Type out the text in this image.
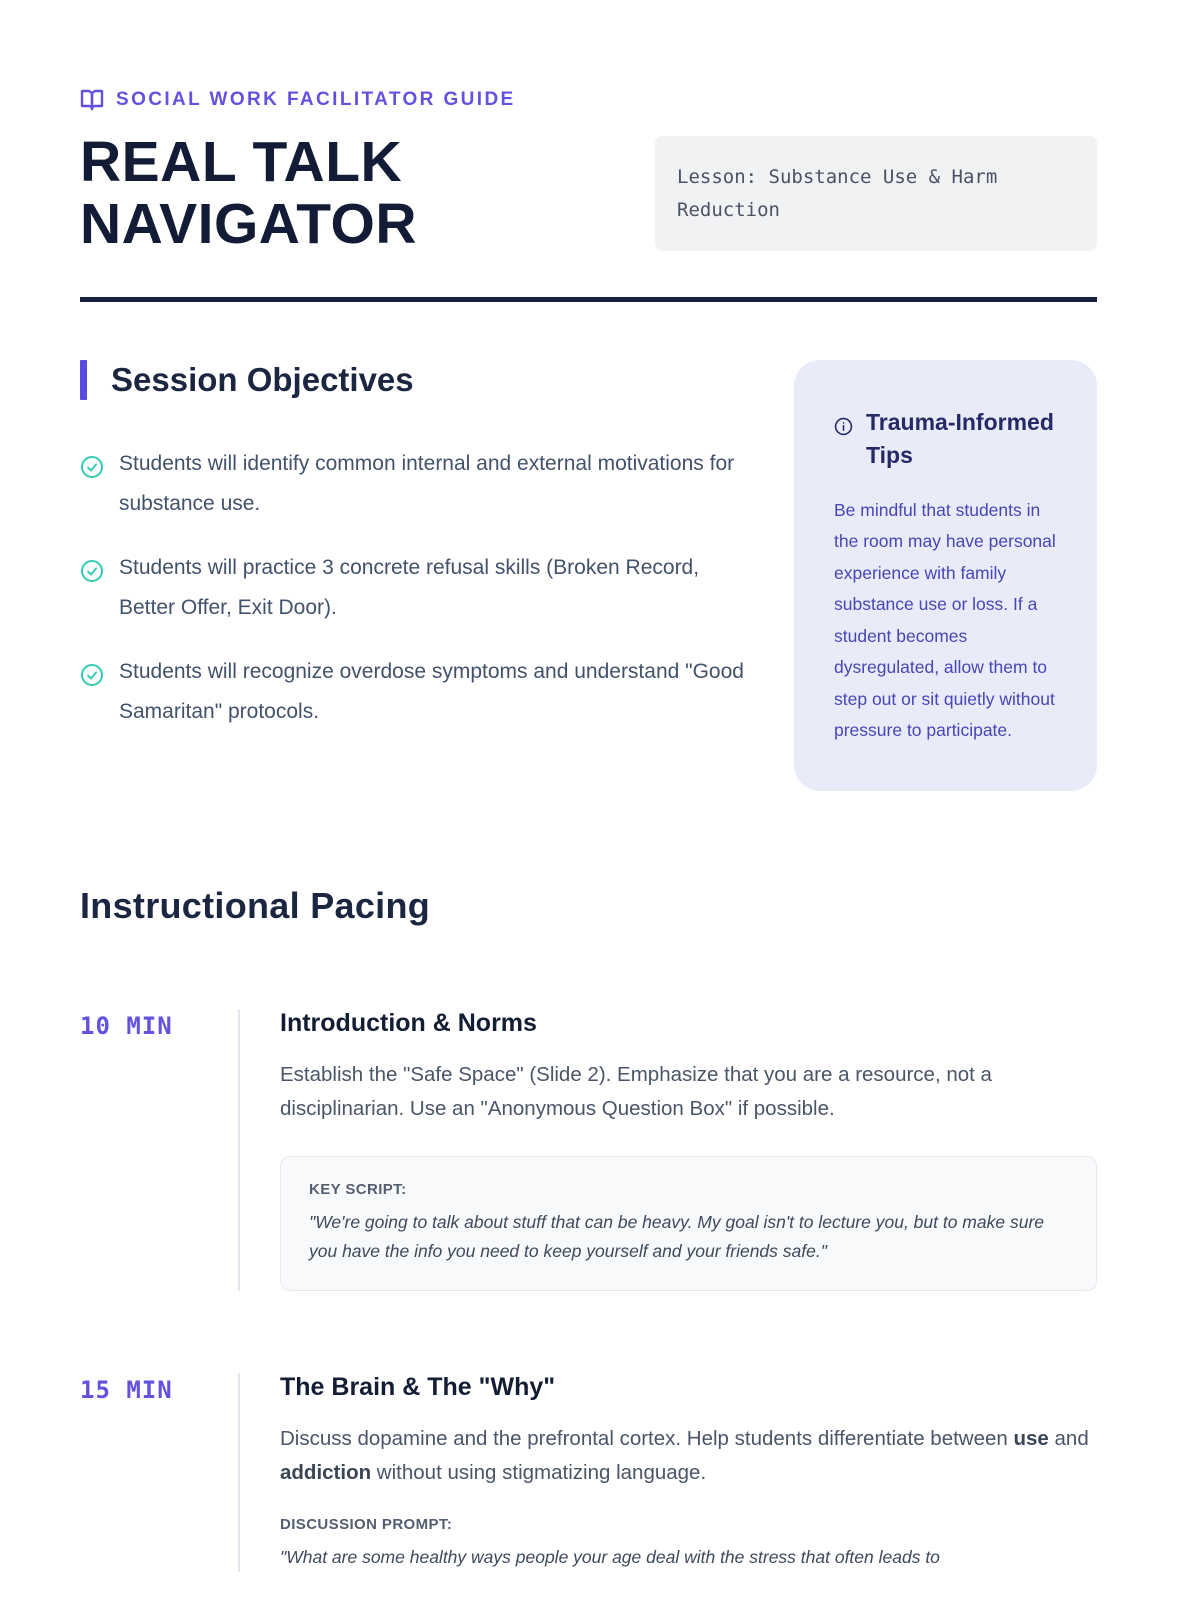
SOCIAL WORK FACILITATOR GUIDE
REAL TALK
NAVIGATOR
Lesson: Substance Use & Harm Reduction
Session Objectives
Students will identify common internal and external motivations for substance use.
Students will practice 3 concrete refusal skills (Broken Record, Better Offer, Exit Door).
Students will recognize overdose symptoms and understand "Good Samaritan" protocols.
Trauma-Informed Tips
Be mindful that students in the room may have personal experience with family substance use or loss. If a student becomes dysregulated, allow them to step out or sit quietly without pressure to participate.
Instructional Pacing
10 MIN	Introduction & Norms
Establish the "Safe Space" (Slide 2). Emphasize that you are a resource, not a disciplinarian. Use an "Anonymous Question Box" if possible.
KEY SCRIPT:
"We're going to talk about stuff that can be heavy. My goal isn't to lecture you, but to make sure you have the info you need to keep yourself and your friends safe."
15 MIN	The Brain & The "Why"
Discuss dopamine and the prefrontal cortex. Help students differentiate between use and addiction without using stigmatizing language.
DISCUSSION PROMPT:
"What are some healthy ways people your age deal with the stress that often leads to
